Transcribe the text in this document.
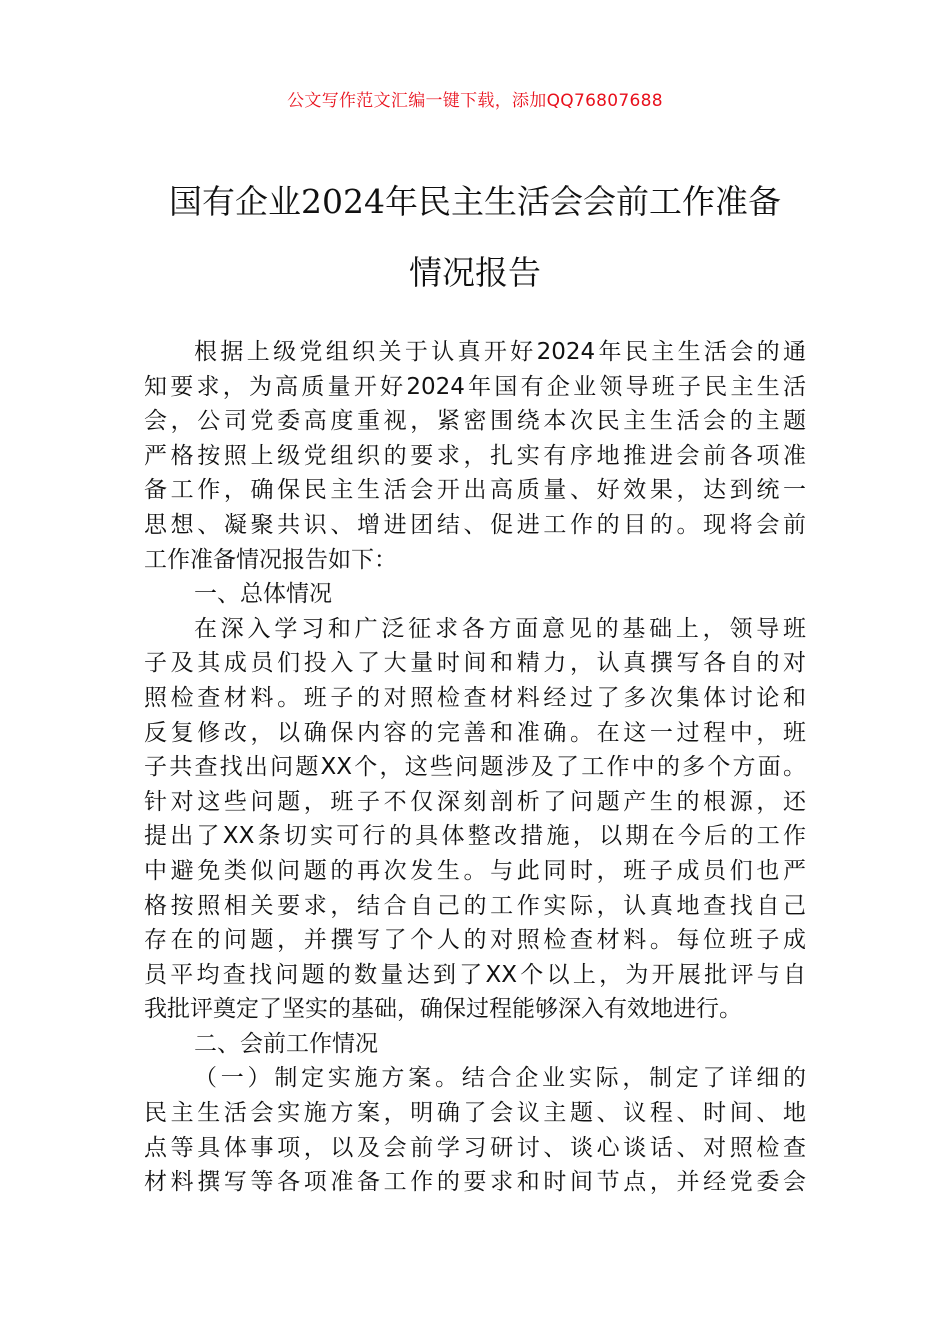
公文写作范文汇编一键下载，添加QQ76807688
国有企业2024年民主生活会会前工作准备
情况报告
根据上级党组织关于认真开好2024年民主生活会的通
知要求，为高质量开好2024年国有企业领导班子民主生活
会，公司党委高度重视，紧密围绕本次民主生活会的主题
严格按照上级党组织的要求，扎实有序地推进会前各项准
备工作，确保民主生活会开出高质量、好效果，达到统一
思想、凝聚共识、增进团结、促进工作的目的。现将会前
工作准备情况报告如下：
一、总体情况
在深入学习和广泛征求各方面意见的基础上，领导班
子及其成员们投入了大量时间和精力，认真撰写各自的对
照检查材料。班子的对照检查材料经过了多次集体讨论和
反复修改，以确保内容的完善和准确。在这一过程中，班
子共查找出问题XX个，这些问题涉及了工作中的多个方面。
针对这些问题，班子不仅深刻剖析了问题产生的根源，还
提出了XX条切实可行的具体整改措施，以期在今后的工作
中避免类似问题的再次发生。与此同时，班子成员们也严
格按照相关要求，结合自己的工作实际，认真地查找自己
存在的问题，并撰写了个人的对照检查材料。每位班子成
员平均查找问题的数量达到了XX个以上，为开展批评与自
我批评奠定了坚实的基础，确保过程能够深入有效地进行。
二、会前工作情况
（一）制定实施方案。结合企业实际，制定了详细的
民主生活会实施方案，明确了会议主题、议程、时间、地
点等具体事项，以及会前学习研讨、谈心谈话、对照检查
材料撰写等各项准备工作的要求和时间节点，并经党委会
